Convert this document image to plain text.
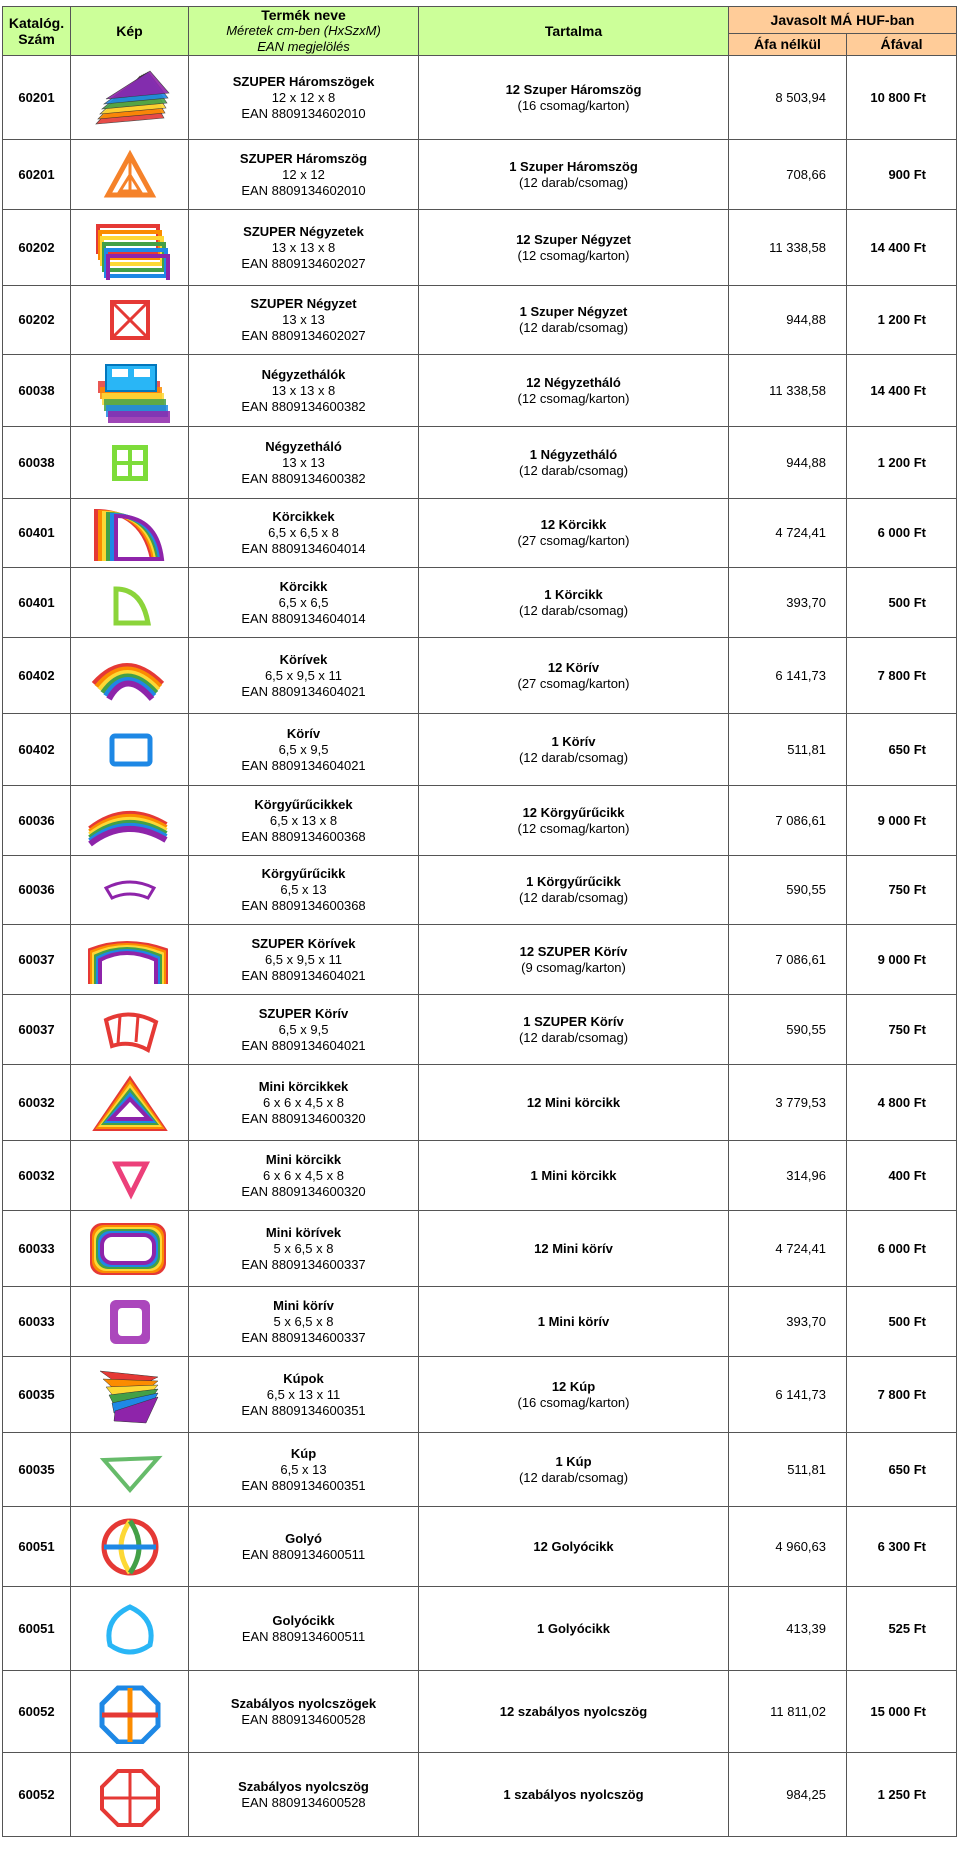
Katalóg.
Szám	Kép	Termék neve
Méretek cm-ben (HxSzxM)
EAN megjelölés	Tartalma	Javasolt MÁ HUF-ban	
				Áfa nélkül	Áfával
60201		SZUPER Háromszögek
12 x 12 x 8
EAN 8809134602010	12 Szuper Háromszög
(16 csomag/karton)	8 503,94	10 800 Ft
60201		SZUPER Háromszög
12 x 12
EAN 8809134602010	1 Szuper Háromszög
(12 darab/csomag)	708,66	900 Ft
60202		SZUPER Négyzetek
13 x 13 x 8
EAN 8809134602027	12 Szuper Négyzet
(12 csomag/karton)	11 338,58	14 400 Ft
60202		SZUPER Négyzet
13 x 13
EAN 8809134602027	1 Szuper Négyzet
(12 darab/csomag)	944,88	1 200 Ft
60038		Négyzethálók
13 x 13 x 8
EAN 8809134600382	12 Négyzetháló
(12 csomag/karton)	11 338,58	14 400 Ft
60038		Négyzetháló
13 x 13
EAN 8809134600382	1 Négyzetháló
(12 darab/csomag)	944,88	1 200 Ft
60401		Körcikkek
6,5 x 6,5 x 8
EAN 8809134604014	12 Körcikk
(27 csomag/karton)	4 724,41	6 000 Ft
60401		Körcikk
6,5 x 6,5
EAN 8809134604014	1 Körcikk
(12 darab/csomag)	393,70	500 Ft
60402		Körívek
6,5 x 9,5 x 11
EAN 8809134604021	12 Körív
(27 csomag/karton)	6 141,73	7 800 Ft
60402		Körív
6,5 x 9,5
EAN 8809134604021	1 Körív
(12 darab/csomag)	511,81	650 Ft
60036		Körgyűrűcikkek
6,5 x 13 x 8
EAN 8809134600368	12 Körgyűrűcikk
(12 csomag/karton)	7 086,61	9 000 Ft
60036		Körgyűrűcikk
6,5 x 13
EAN 8809134600368	1 Körgyűrűcikk
(12 darab/csomag)	590,55	750 Ft
60037		SZUPER Körívek
6,5 x 9,5 x 11
EAN 8809134604021	12 SZUPER Körív
(9 csomag/karton)	7 086,61	9 000 Ft
60037		SZUPER Körív
6,5 x 9,5
EAN 8809134604021	1 SZUPER Körív
(12 darab/csomag)	590,55	750 Ft
60032		Mini körcikkek
6 x 6 x 4,5 x 8
EAN 8809134600320	12 Mini körcikk	3 779,53	4 800 Ft
60032		Mini körcikk
6 x 6 x 4,5 x 8
EAN 8809134600320	1 Mini körcikk	314,96	400 Ft
60033		Mini körívek
5 x 6,5 x 8
EAN 8809134600337	12 Mini körív	4 724,41	6 000 Ft
60033		Mini körív
5 x 6,5 x 8
EAN 8809134600337	1 Mini körív	393,70	500 Ft
60035		Kúpok
6,5 x 13 x 11
EAN 8809134600351	12 Kúp
(16 csomag/karton)	6 141,73	7 800 Ft
60035		Kúp
6,5 x 13
EAN 8809134600351	1 Kúp
(12 darab/csomag)	511,81	650 Ft
60051		Golyó
EAN 8809134600511	12 Golyócikk	4 960,63	6 300 Ft
60051		Golyócikk
EAN 8809134600511	1 Golyócikk	413,39	525 Ft
60052		Szabályos nyolcszögek
EAN 8809134600528	12 szabályos nyolcszög	11 811,02	15 000 Ft
60052		Szabályos nyolcszög
EAN 8809134600528	1 szabályos nyolcszög	984,25	1 250 Ft
